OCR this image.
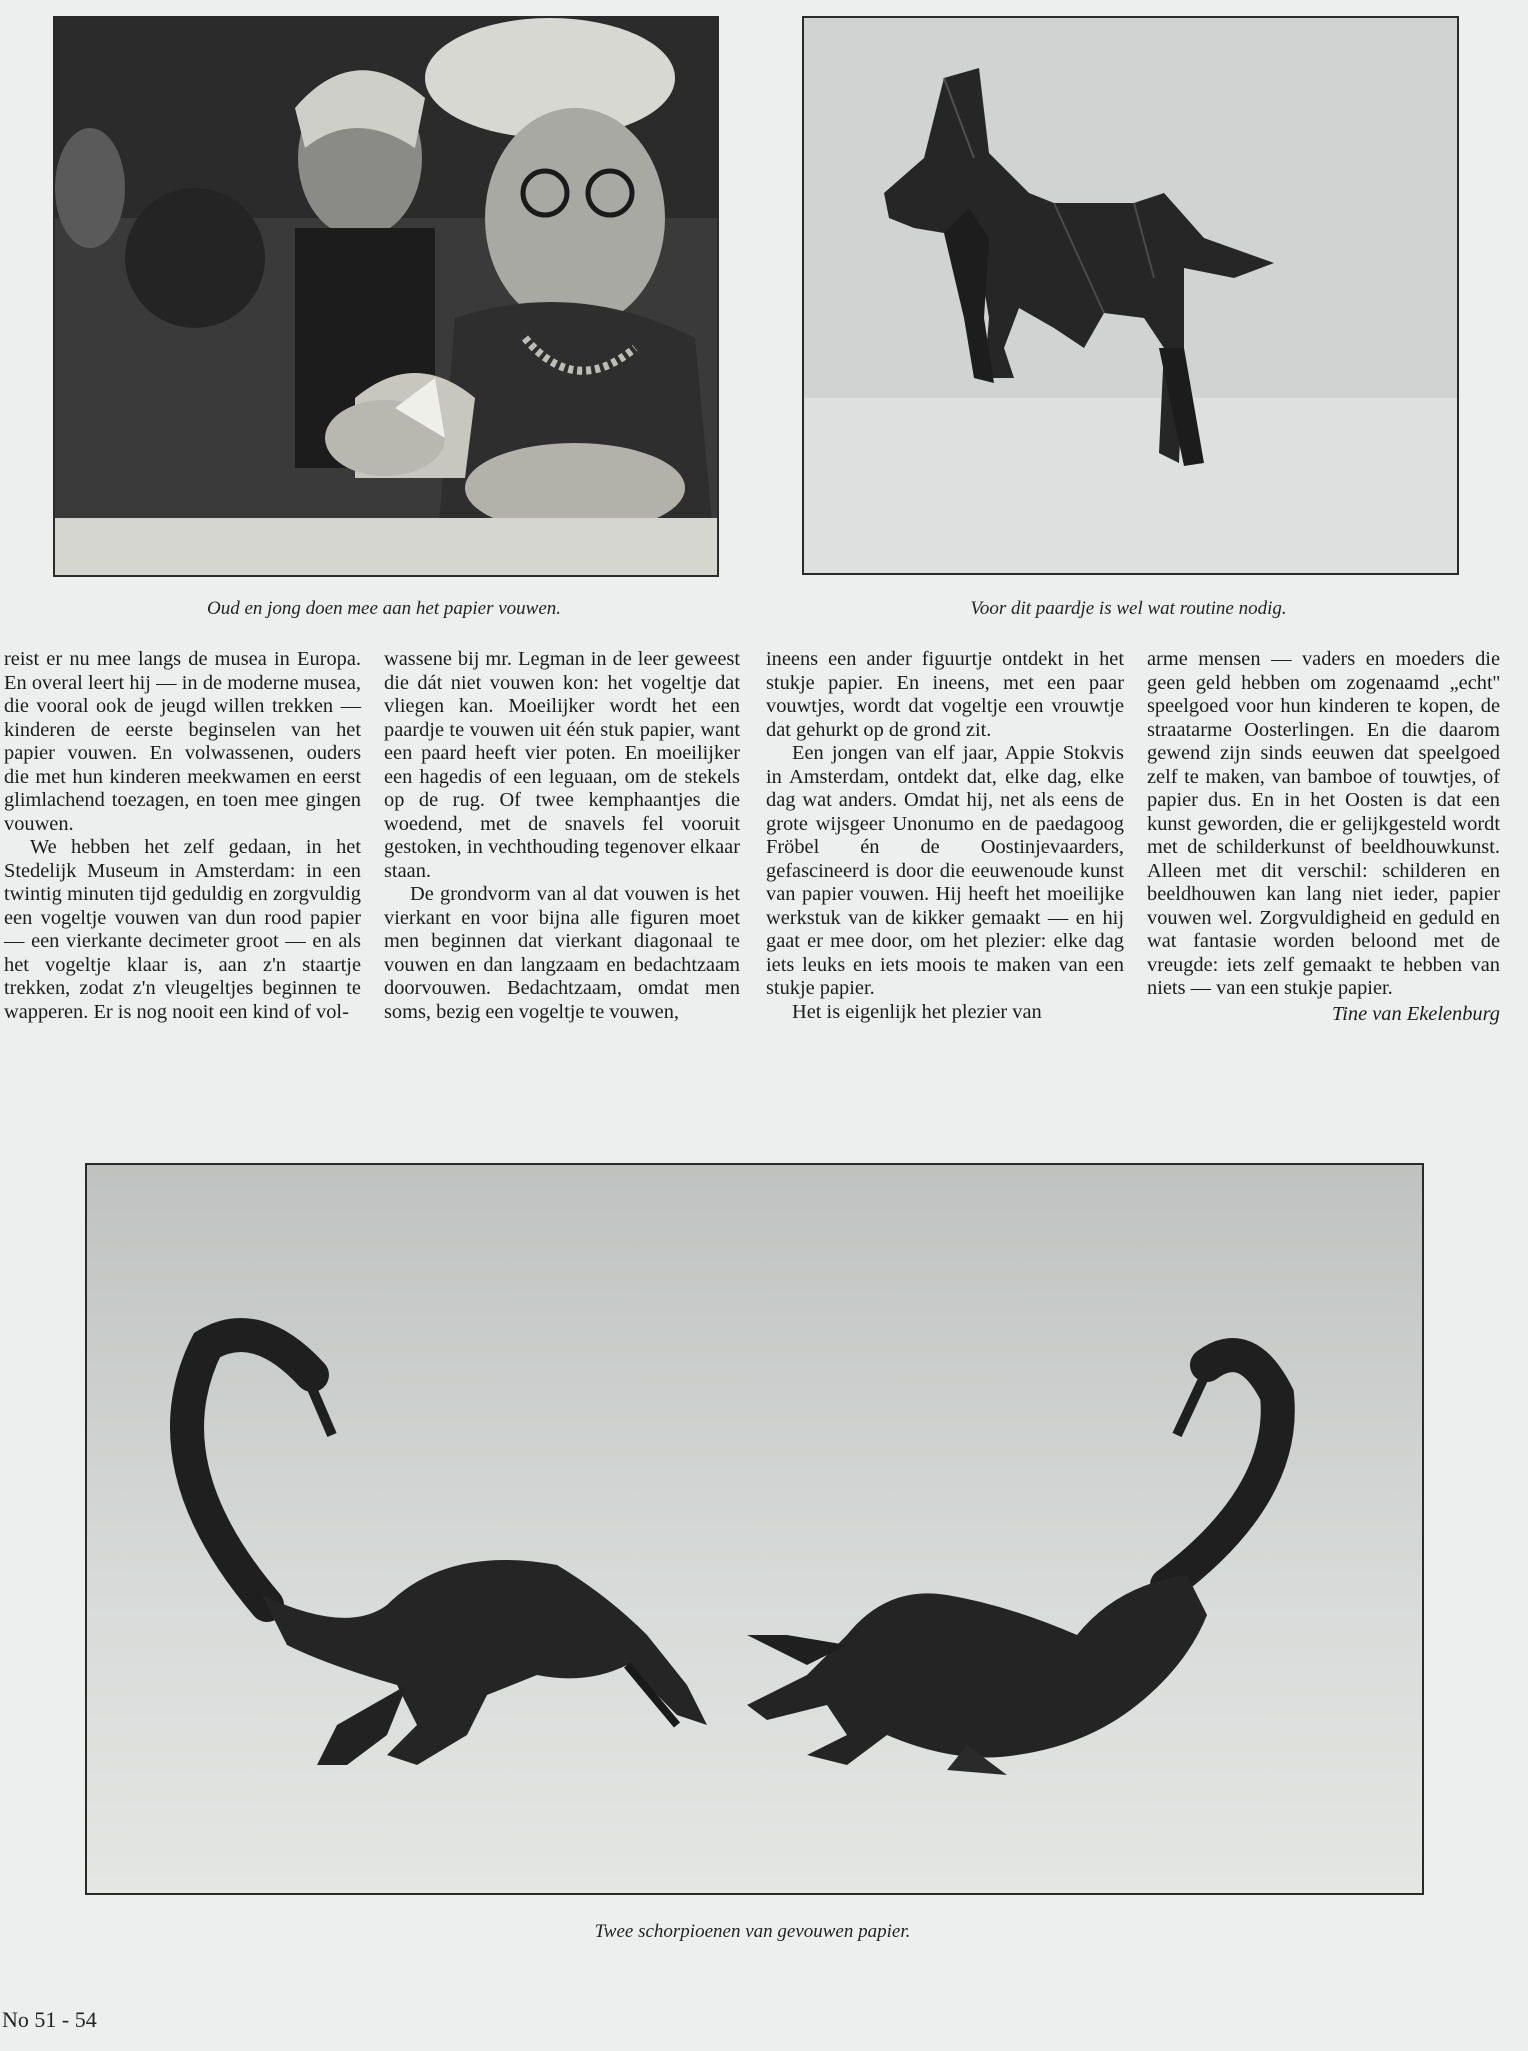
Oud en jong doen mee aan het papier vouwen.	Voor dit paardje is wel wat routine nodig.

reist er nu mee langs de musea in Europa. En overal leert hij — in de moderne musea, die vooral ook de jeugd willen trekken — kinderen de eerste beginselen van het papier vouwen. En volwassenen, ouders die met hun kinderen meekwamen en eerst glimlachend toezagen, en toen mee gingen vouwen.

We hebben het zelf gedaan, in het Stedelijk Museum in Amsterdam: in een twintig minuten tijd geduldig en zorgvuldig een vogeltje vouwen van dun rood papier — een vierkante decimeter groot — en als het vogeltje klaar is, aan z'n staartje trekken, zodat z'n vleugeltjes beginnen te wapperen. Er is nog nooit een kind of vol-

wassene bij mr. Legman in de leer geweest die dát niet vouwen kon: het vogeltje dat vliegen kan. Moeilijker wordt het een paardje te vouwen uit één stuk papier, want een paard heeft vier poten. En moeilijker een hagedis of een leguaan, om de stekels op de rug. Of twee kemphaantjes die woedend, met de snavels fel vooruit gestoken, in vechthouding tegenover elkaar staan.

De grondvorm van al dat vouwen is het vierkant en voor bijna alle figuren moet men beginnen dat vierkant diagonaal te vouwen en dan langzaam en bedachtzaam doorvouwen. Bedachtzaam, omdat men soms, bezig een vogeltje te vouwen,

ineens een ander figuurtje ontdekt in het stukje papier. En ineens, met een paar vouwtjes, wordt dat vogeltje een vrouwtje dat gehurkt op de grond zit.

Een jongen van elf jaar, Appie Stokvis in Amsterdam, ontdekt dat, elke dag, elke dag wat anders. Omdat hij, net als eens de grote wijsgeer Unonumo en de paedagoog Fröbel én de Oostinjevaarders, gefascineerd is door die eeuwenoude kunst van papier vouwen. Hij heeft het moeilijke werkstuk van de kikker gemaakt — en hij gaat er mee door, om het plezier: elke dag iets leuks en iets moois te maken van een stukje papier.

Het is eigenlijk het plezier van

arme mensen — vaders en moeders die geen geld hebben om zogenaamd „echt'' speelgoed voor hun kinderen te kopen, de straatarme Oosterlingen. En die daarom gewend zijn sinds eeuwen dat speelgoed zelf te maken, van bamboe of touwtjes, of papier dus. En in het Oosten is dat een kunst geworden, die er gelijkgesteld wordt met de schilderkunst of beeldhouwkunst. Alleen met dit verschil: schilderen en beeldhouwen kan lang niet ieder, papier vouwen wel. Zorgvuldigheid en geduld en wat fantasie worden beloond met de vreugde: iets zelf gemaakt te hebben van niets — van een stukje papier.

Tine van Ekelenburg
Twee schorpioenen van gevouwen papier.
No 51 - 54
